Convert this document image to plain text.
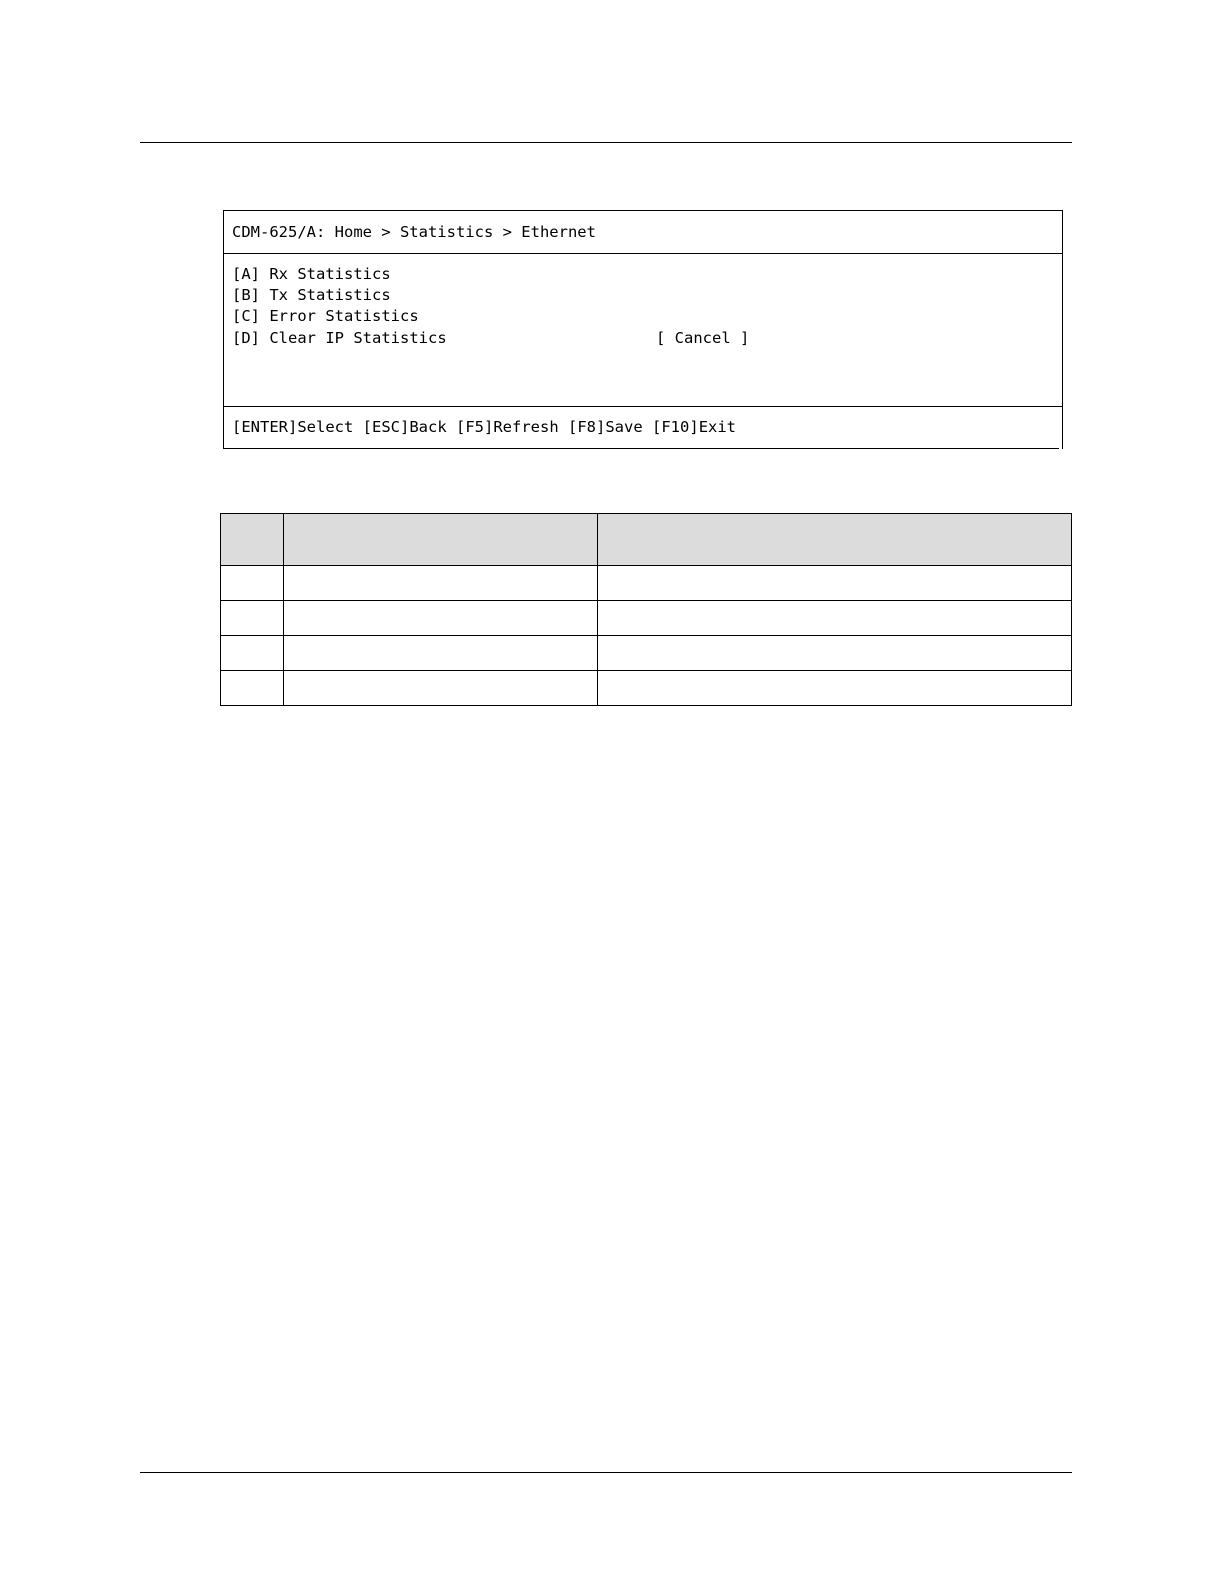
CDM-625/A: Home > Statistics > Ethernet
[A] Rx Statistics
[B] Tx Statistics
[C] Error Statistics
[D] Clear IP Statistics	[ Cancel ]
[ENTER]Select [ESC]Back [F5]Refresh [F8]Save [F10]Exit
